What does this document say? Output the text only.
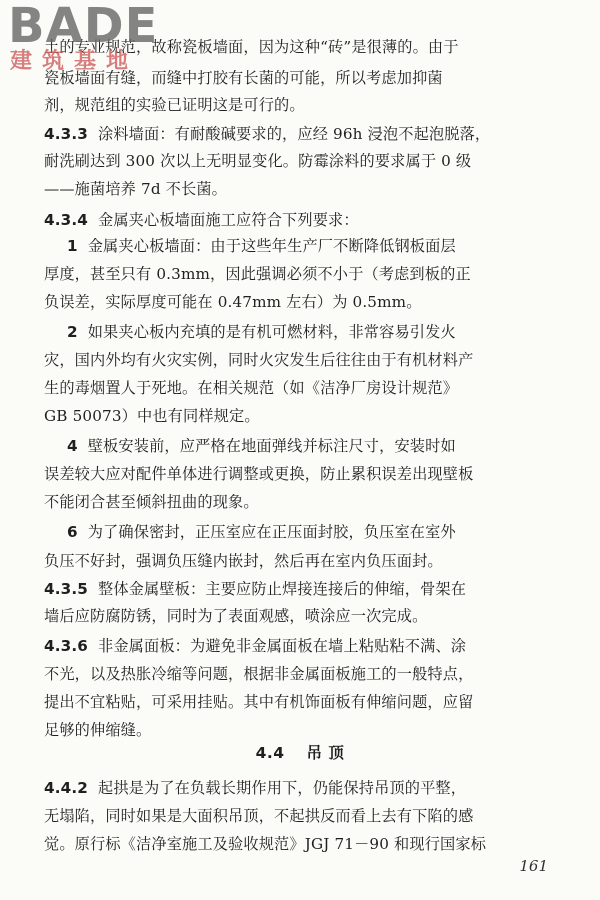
BADE
建筑基地
土的专业规范，故称瓷板墙面，因为这种“砖”是很薄的。由于
瓷板墙面有缝，而缝中打胶有长菌的可能，所以考虑加抑菌
剂，规范组的实验已证明这是可行的。
4.3.3 涂料墙面：有耐酸碱要求的，应经 96h 浸泡不起泡脱落，
耐洗刷达到 300 次以上无明显变化。防霉涂料的要求属于 0 级
——施菌培养 7d 不长菌。
4.3.4 金属夹心板墙面施工应符合下列要求：
1 金属夹心板墙面：由于这些年生产厂不断降低钢板面层
厚度，甚至只有 0.3mm，因此强调必须不小于（考虑到板的正
负误差，实际厚度可能在 0.47mm 左右）为 0.5mm。
2 如果夹心板内充填的是有机可燃材料，非常容易引发火
灾，国内外均有火灾实例，同时火灾发生后往往由于有机材料产
生的毒烟置人于死地。在相关规范（如《洁净厂房设计规范》
GB 50073）中也有同样规定。
4 壁板安装前，应严格在地面弹线并标注尺寸，安装时如
误差较大应对配件单体进行调整或更换，防止累积误差出现壁板
不能闭合甚至倾斜扭曲的现象。
6 为了确保密封，正压室应在正压面封胶，负压室在室外
负压不好封，强调负压缝内嵌封，然后再在室内负压面封。
4.3.5 整体金属壁板：主要应防止焊接连接后的伸缩，骨架在
墙后应防腐防锈，同时为了表面观感，喷涂应一次完成。
4.3.6 非金属面板：为避免非金属面板在墙上粘贴粘不满、涂
不光，以及热胀冷缩等问题，根据非金属面板施工的一般特点，
提出不宜粘贴，可采用挂贴。其中有机饰面板有伸缩问题，应留
足够的伸缩缝。
4.4 吊 顶
4.4.2 起拱是为了在负载长期作用下，仍能保持吊顶的平整，
无塌陷，同时如果是大面积吊顶，不起拱反而看上去有下陷的感
觉。原行标《洁净室施工及验收规范》JGJ 71－90 和现行国家标
161
